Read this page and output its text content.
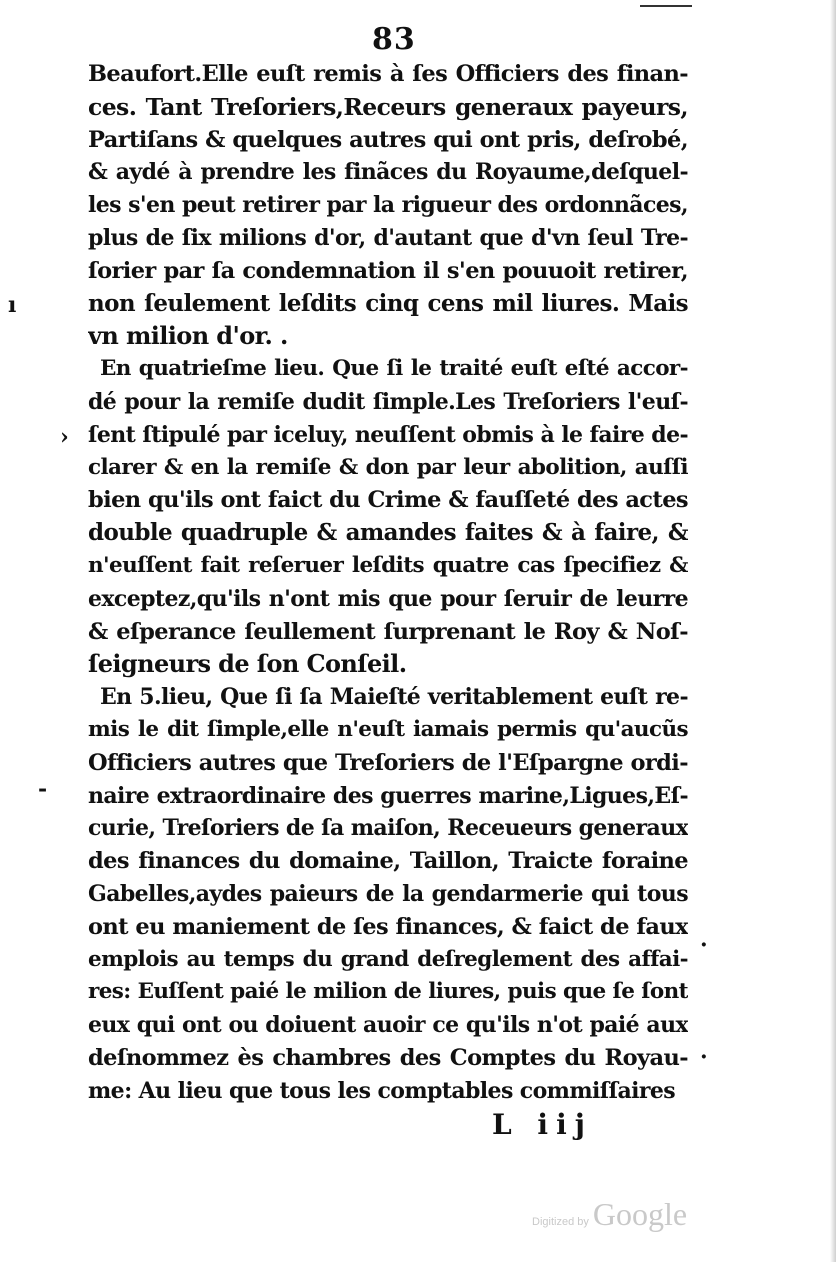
83
Beaufort.Elle euſt remis à ſes Officiers des finan-
ces. Tant Treſoriers,Receurs generaux payeurs,
Partiſans & quelques autres qui ont pris, deſrobé,
& aydé à prendre les finãces du Royaume,deſquel-
les s'en peut retirer par la rigueur des ordonnãces,
plus de ſix milions d'or, d'autant que d'vn ſeul Tre-
ſorier par ſa condemnation il s'en pouuoit retirer,
non ſeulement leſdits cinq cens mil liures. Mais
vn milion d'or. .
En quatrieſme lieu. Que ſi le traité euſt eſté accor-
dé pour la remiſe dudit ſimple.Les Treſoriers l'euſ-
ſent ſtipulé par iceluy, neuſſent obmis à le faire de-
clarer & en la remiſe & don par leur abolition, auſſi
bien qu'ils ont faict du Crime & fauſſeté des actes
double quadruple & amandes faites & à faire, &
n'euſſent fait reſeruer leſdits quatre cas ſpecifiez &
exceptez,qu'ils n'ont mis que pour ſeruir de leurre
& eſperance ſeullement ſurprenant le Roy & Noſ-
ſeigneurs de ſon Conſeil.
En 5.lieu, Que ſi ſa Maieſté veritablement euſt re-
mis le dit ſimple,elle n'euſt iamais permis qu'aucũs
Officiers autres que Treſoriers de l'Eſpargne ordi-
naire extraordinaire des guerres marine,Ligues,Eſ-
curie, Treſoriers de ſa maiſon, Receueurs generaux
des finances du domaine, Taillon, Traicte foraine
Gabelles,aydes paieurs de la gendarmerie qui tous
ont eu maniement de ſes finances, & faict de faux
emplois au temps du grand deſreglement des affai-
res: Euſſent paié le milion de liures, puis que ſe ſont
eux qui ont ou doiuent auoir ce qu'ils n'ot paié aux
deſnommez ès chambres des Comptes du Royau-
me: Au lieu que tous les comptables commiſſaires
ı
›
-
·
·
L iij
Digitized by Google
